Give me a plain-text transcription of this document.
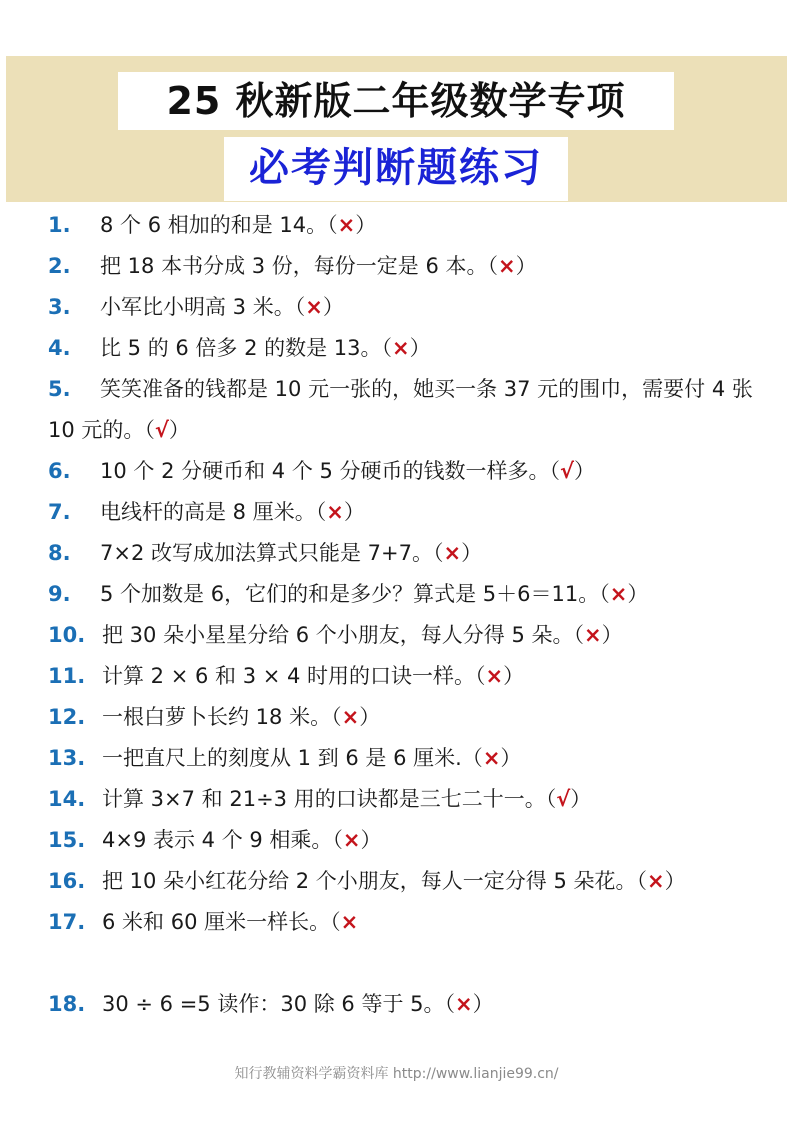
25 秋新版二年级数学专项
必考判断题练习
1. 8 个 6 相加的和是 14。（×）
2. 把 18 本书分成 3 份，每份一定是 6 本。（×）
3. 小军比小明高 3 米。（×）
4. 比 5 的 6 倍多 2 的数是 13。（×）
5. 笑笑准备的钱都是 10 元一张的，她买一条 37 元的围巾，需要付 4 张 10 元的。（√）
6. 10 个 2 分硬币和 4 个 5 分硬币的钱数一样多。（√）
7. 电线杆的高是 8 厘米。（×）
8. 7×2 改写成加法算式只能是 7+7。（×）
9. 5 个加数是 6，它们的和是多少？算式是 5＋6＝11。（×）
10. 把 30 朵小星星分给 6 个小朋友，每人分得 5 朵。（×）
11. 计算 2 × 6 和 3 × 4 时用的口诀一样。（×）
12. 一根白萝卜长约 18 米。（×）
13. 一把直尺上的刻度从 1 到 6 是 6 厘米.（×）
14. 计算 3×7 和 21÷3 用的口诀都是三七二十一。（√）
15. 4×9 表示 4 个 9 相乘。（×）
16. 把 10 朵小红花分给 2 个小朋友，每人一定分得 5 朵花。（×）
17. 6 米和 60 厘米一样长。（×
18. 30 ÷ 6 =5 读作：30 除 6 等于 5。（×）
知行教辅资料学霸资料库 http://www.lianjie99.cn/
